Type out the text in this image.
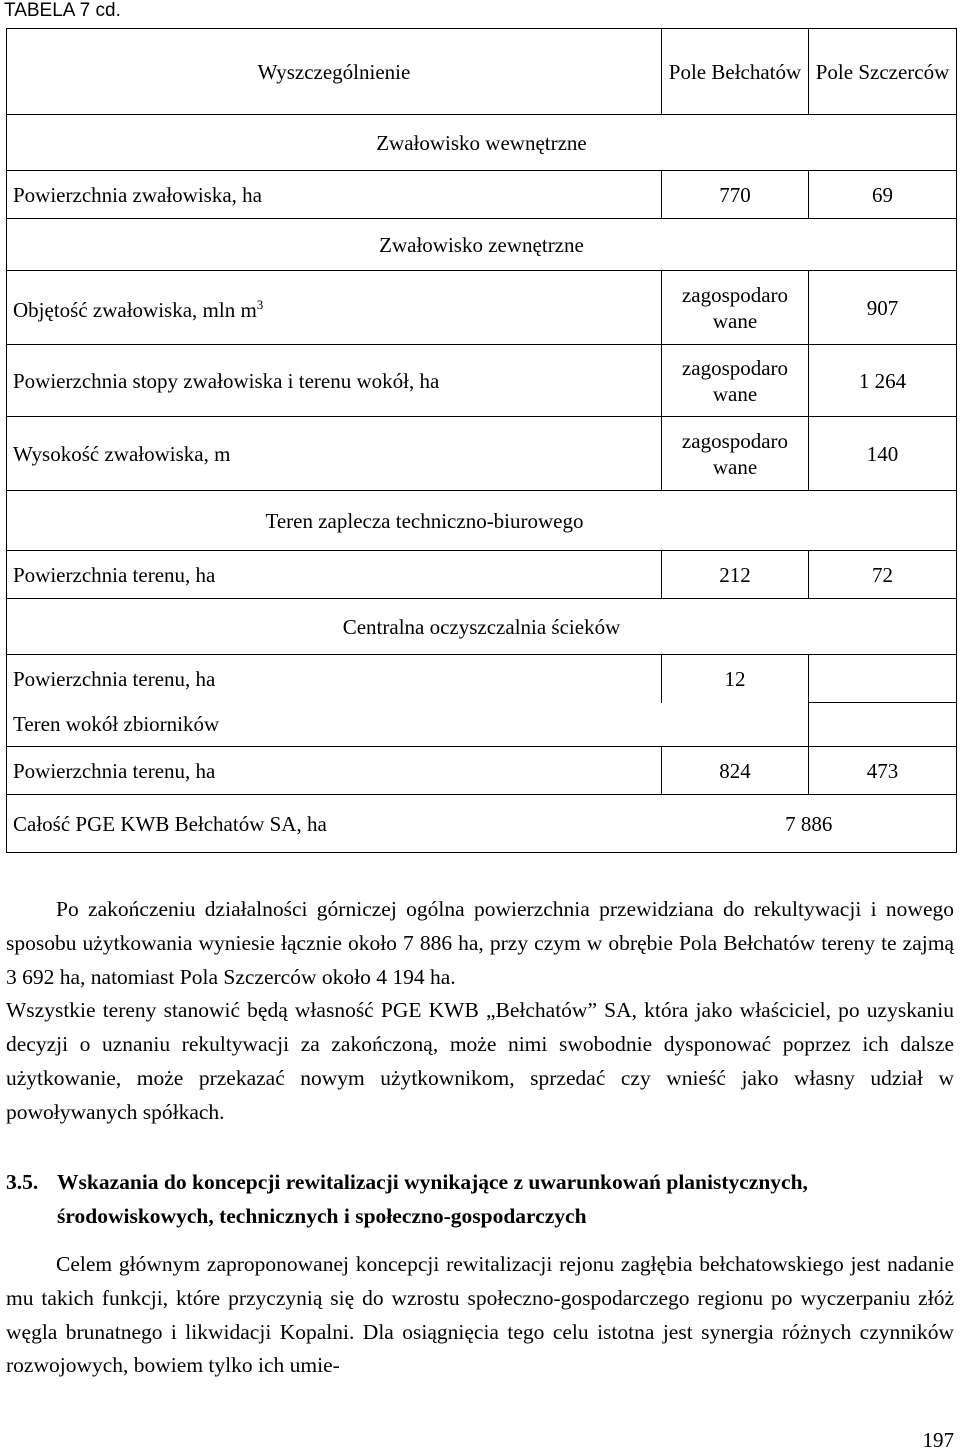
TABELA 7 cd.
Wyszczególnienie	Pole Bełchatów	Pole Szczerców
Zwałowisko wewnętrzne		
Powierzchnia zwałowiska, ha	770	69
Zwałowisko zewnętrzne		
Objętość zwałowiska, mln $m^3$	zagospodaro wane	907
Powierzchnia stopy zwałowiska i terenu wokół, ha	zagospodaro wane	1 264
Wysokość zwałowiska, m	zagospodaro wane	140
Teren zaplecza techniczno-biurowego		
Powierzchnia terenu, ha	212	72
Centralna oczyszczalnia ścieków		
Powierzchnia terenu, ha	12	
Teren wokół zbiorników		
Powierzchnia terenu, ha	824	473
Całość PGE KWB Bełchatów SA, ha	7 886	

Po zakończeniu działalności górniczej ogólna powierzchnia przewidziana do rekultywacji i nowego sposobu użytkowania wyniesie łącznie około 7 886 ha, przy czym w obrębie Pola Bełchatów tereny te zajmą 3 692 ha, natomiast Pola Szczerców około 4 194 ha.

Wszystkie tereny stanowić będą własność PGE KWB „Bełchatów” SA, która jako właściciel, po uzyskaniu decyzji o uznaniu rekultywacji za zakończoną, może nimi swobodnie dysponować poprzez ich dalsze użytkowanie, może przekazać nowym użytkownikom, sprzedać czy wnieść jako własny udział w powoływanych spółkach.

3.5. Wskazania do koncepcji rewitalizacji wynikające z uwarunkowań planistycznych, środowiskowych, technicznych i społeczno-gospodarczych

Celem głównym zaproponowanej koncepcji rewitalizacji rejonu zagłębia bełchatowskiego jest nadanie mu takich funkcji, które przyczynią się do wzrostu społeczno-gospodarczego regionu po wyczerpaniu złóż węgla brunatnego i likwidacji Kopalni. Dla osiągnięcia tego celu istotna jest synergia różnych czynników rozwojowych, bowiem tylko ich umie-

197
